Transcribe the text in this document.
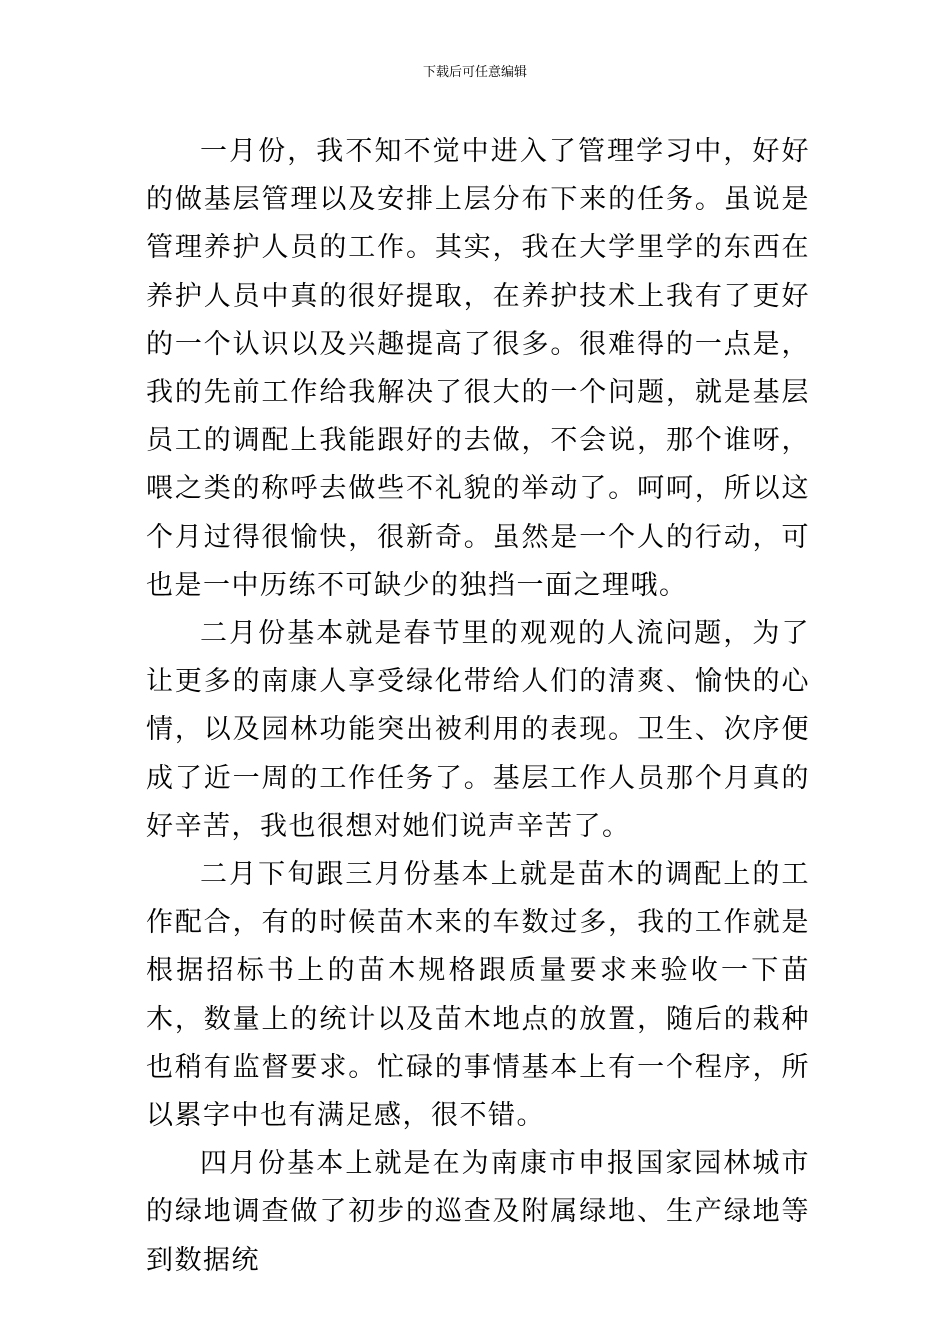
下载后可任意编辑

一月份，我不知不觉中进入了管理学习中，好好的做基层管理以及安排上层分布下来的任务。虽说是管理养护人员的工作。其实，我在大学里学的东西在养护人员中真的很好提取，在养护技术上我有了更好的一个认识以及兴趣提高了很多。很难得的一点是，我的先前工作给我解决了很大的一个问题，就是基层员工的调配上我能跟好的去做，不会说，那个谁呀，喂之类的称呼去做些不礼貌的举动了。呵呵，所以这个月过得很愉快，很新奇。虽然是一个人的行动，可也是一中历练不可缺少的独挡一面之理哦。

二月份基本就是春节里的观观的人流问题，为了让更多的南康人享受绿化带给人们的清爽、愉快的心情，以及园林功能突出被利用的表现。卫生、次序便成了近一周的工作任务了。基层工作人员那个月真的好辛苦，我也很想对她们说声辛苦了。

二月下旬跟三月份基本上就是苗木的调配上的工作配合，有的时候苗木来的车数过多，我的工作就是根据招标书上的苗木规格跟质量要求来验收一下苗木，数量上的统计以及苗木地点的放置，随后的栽种也稍有监督要求。忙碌的事情基本上有一个程序，所以累字中也有满足感，很不错。

四月份基本上就是在为南康市申报国家园林城市的绿地调查做了初步的巡查及附属绿地、生产绿地等到数据统
